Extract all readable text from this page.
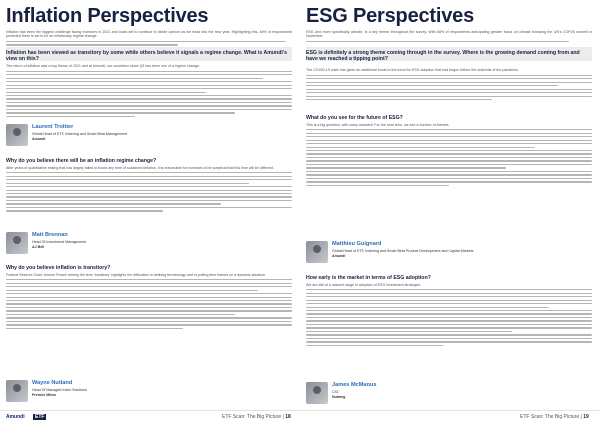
Inflation Perspectives
Inflation has been the biggest challenge facing investors in 2021 and looks set to continue to divide opinion as we head into the new year. Highlighting this, 48% of respondents predicted there is set to be an inflationary regime change.
Inflation has been viewed as transitory by some while others believe it signals a regime change. What is Amundi's view on this?
The return of inflation was a key theme of 2021 and at Amundi, our conviction since Q3 has been one of a regime change.
Laurent Trottier
Global Head of ETF, Indexing and Smart Beta Management
Amundi
Why do you believe there will be an inflation regime change?
After years of quantitative easing that has largely failed to boost any form of sustained inflation, it is reasonable for investors to be sceptical that this time will be different.
Matt Brennan
Head Of Investment Management
AJ Bell
Why do you believe inflation is transitory?
Federal Reserve Chair Jerome Powell retiring the term 'transitory' highlights the difficulties in defining terminology and in putting time frames on a dynamic situation.
Wayne Nutland
Head Of Managed Index Solutions
Premier Miton
Amundi	ETF	ETF Scan: The Big Picture | 18
ESG Perspectives
ESG and more specifically climate, is a key theme throughout the survey. With 68% of respondents anticipating greater focus on climate following the UN's COP26 summit in November.
ESG is definitely a strong theme coming through in the survey. Where is the growing demand coming from and have we reached a tipping point?
The COVID-19 crisis has given an additional boost to the trend for ESG adoption that had begun before the outbreak of the pandemic.
What do you see for the future of ESG?
This is a big question, with many answers! For the near term, we see a number of themes.
Matthieu Guignard
Global Head of ETF, Indexing and Smart Beta Product Development and Capital Markets
Amundi
How early is the market in terms of ESG adoption?
We are still at a nascent stage in adoption of ESG investment strategies.
James McManus
CIO
Nutmeg
ETF Scan: The Big Picture | 19
